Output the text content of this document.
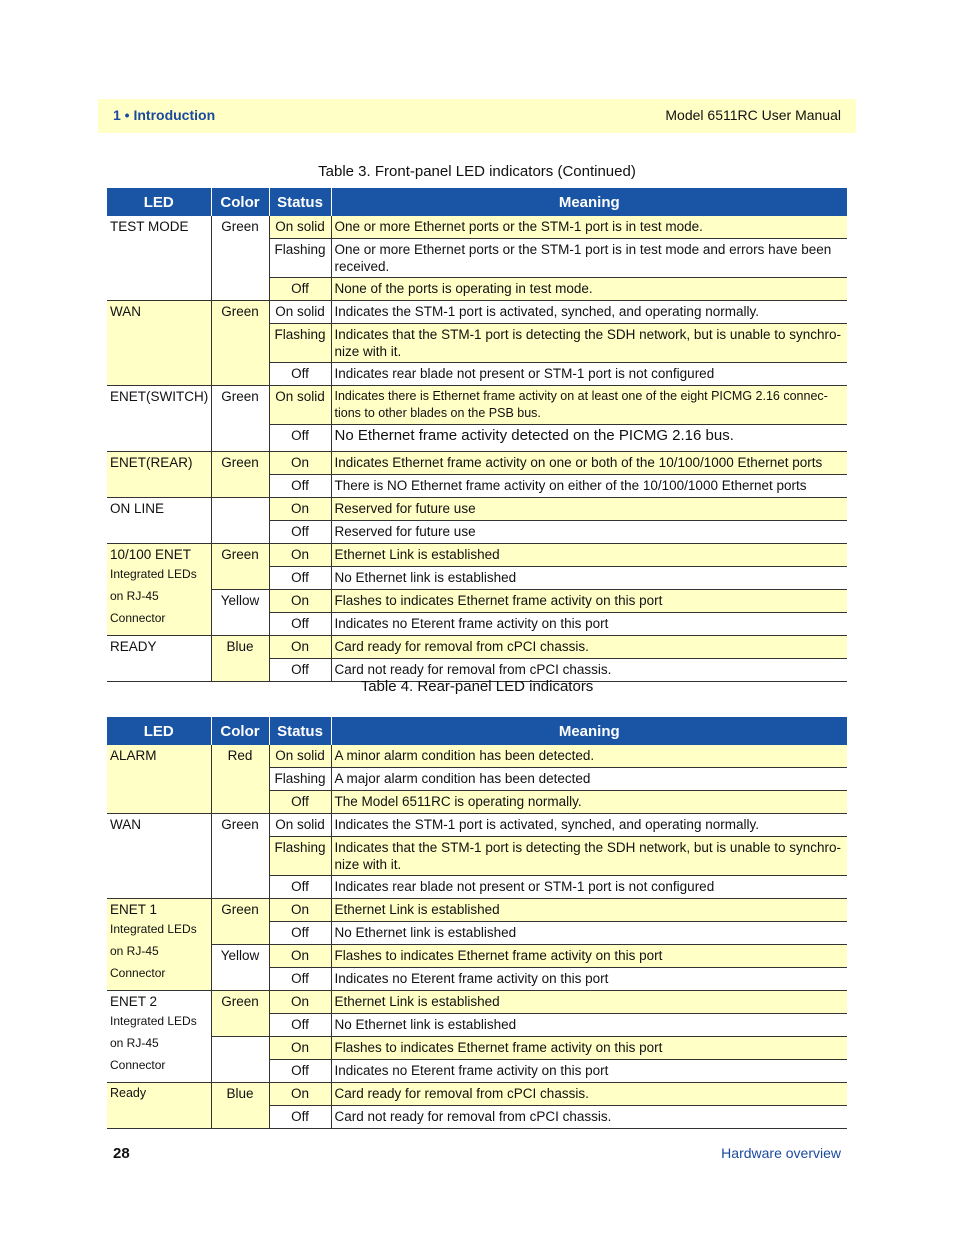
1 • Introduction	Model 6511RC User Manual
Table 3. Front-panel LED indicators (Continued)
LED	Color	Status	Meaning
TEST MODE	Green	On solid	One or more Ethernet ports or the STM-1 port is in test mode.
		Flashing	One or more Ethernet ports or the STM-1 port is in test mode and errors have been received.
		Off	None of the ports is operating in test mode.
WAN	Green	On solid	Indicates the STM-1 port is activated, synched, and operating normally.
		Flashing	Indicates that the STM-1 port is detecting the SDH network, but is unable to synchro-nize with it.
		Off	Indicates rear blade not present or STM-1 port is not configured
ENET(SWITCH)	Green	On solid	Indicates there is Ethernet frame activity on at least one of the eight PICMG 2.16 connec-tions to other blades on the PSB bus.
		Off	No Ethernet frame activity detected on the PICMG 2.16 bus.
ENET(REAR)	Green	On	Indicates Ethernet frame activity on one or both of the 10/100/1000 Ethernet ports
		Off	There is NO Ethernet frame activity on either of the 10/100/1000 Ethernet ports
ON LINE		On	Reserved for future use
		Off	Reserved for future use
10/100 ENET
Integrated LEDs
on RJ-45
Connector	Green	On	Ethernet Link is established
		Off	No Ethernet link is established
	Yellow	On	Flashes to indicates Ethernet frame activity on this port
		Off	Indicates no Eterent frame activity on this port
READY	Blue	On	Card ready for removal from cPCI chassis.
		Off	Card not ready for removal from cPCI chassis.
Table 4. Rear-panel LED indicators
LED	Color	Status	Meaning
ALARM	Red	On solid	A minor alarm condition has been detected.
		Flashing	A major alarm condition has been detected
		Off	The Model 6511RC is operating normally.
WAN	Green	On solid	Indicates the STM-1 port is activated, synched, and operating normally.
		Flashing	Indicates that the STM-1 port is detecting the SDH network, but is unable to synchro-nize with it.
		Off	Indicates rear blade not present or STM-1 port is not configured
ENET 1
Integrated LEDs
on RJ-45
Connector	Green	On	Ethernet Link is established
		Off	No Ethernet link is established
	Yellow	On	Flashes to indicates Ethernet frame activity on this port
		Off	Indicates no Eterent frame activity on this port
ENET 2
Integrated LEDs
on RJ-45
Connector	Green	On	Ethernet Link is established
		Off	No Ethernet link is established
		On	Flashes to indicates Ethernet frame activity on this port
		Off	Indicates no Eterent frame activity on this port
Ready	Blue	On	Card ready for removal from cPCI chassis.
		Off	Card not ready for removal from cPCI chassis.
28	Hardware overview
